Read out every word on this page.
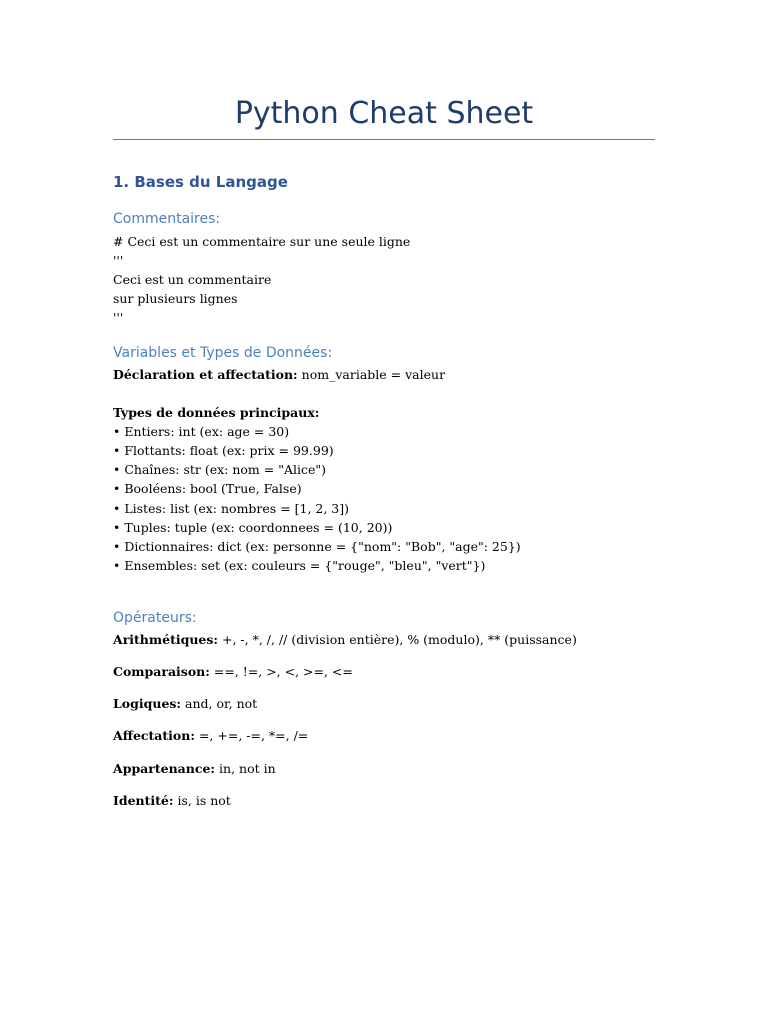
Python Cheat Sheet
1. Bases du Langage
Commentaires:
# Ceci est un commentaire sur une seule ligne
'''
Ceci est un commentaire
sur plusieurs lignes
'''
Variables et Types de Données:
Déclaration et affectation: nom_variable = valeur
Types de données principaux:
• Entiers: int (ex: age = 30)
• Flottants: float (ex: prix = 99.99)
• Chaînes: str (ex: nom = "Alice")
• Booléens: bool (True, False)
• Listes: list (ex: nombres = [1, 2, 3])
• Tuples: tuple (ex: coordonnees = (10, 20))
• Dictionnaires: dict (ex: personne = {"nom": "Bob", "age": 25})
• Ensembles: set (ex: couleurs = {"rouge", "bleu", "vert"})
Opérateurs:
Arithmétiques: +, -, *, /, // (division entière), % (modulo), ** (puissance)
Comparaison: ==, !=, >, <, >=, <=
Logiques: and, or, not
Affectation: =, +=, -=, *=, /=
Appartenance: in, not in
Identité: is, is not
